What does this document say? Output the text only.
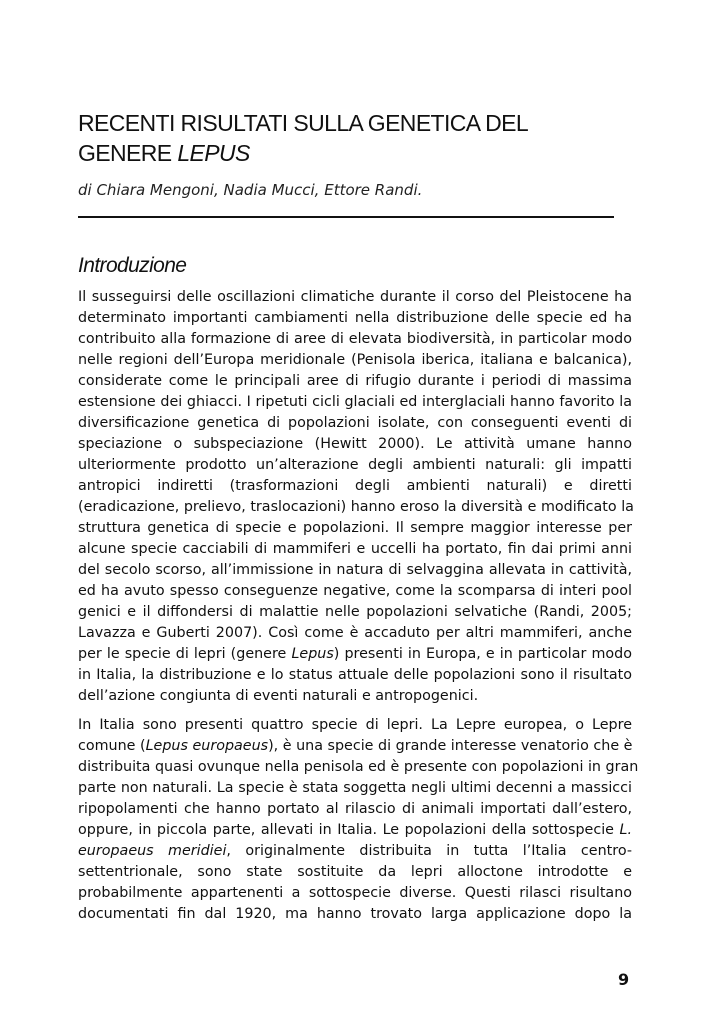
RECENTI RISULTATI SULLA GENETICA DEL
GENERE LEPUS
di Chiara Mengoni, Nadia Mucci, Ettore Randi.
Introduzione
Il susseguirsi delle oscillazioni climatiche durante il corso del Pleistocene ha
determinato importanti cambiamenti nella distribuzione delle specie ed ha
contribuito alla formazione di aree di elevata biodiversità, in particolar modo
nelle regioni dell’Europa meridionale (Penisola iberica, italiana e balcanica),
considerate come le principali aree di rifugio durante i periodi di massima
estensione dei ghiacci. I ripetuti cicli glaciali ed interglaciali hanno favorito la
diversificazione genetica di popolazioni isolate, con conseguenti eventi di
speciazione o subspeciazione (Hewitt 2000). Le attività umane hanno
ulteriormente prodotto un’alterazione degli ambienti naturali: gli impatti
antropici indiretti (trasformazioni degli ambienti naturali) e diretti
(eradicazione, prelievo, traslocazioni) hanno eroso la diversità e modificato la
struttura genetica di specie e popolazioni. Il sempre maggior interesse per
alcune specie cacciabili di mammiferi e uccelli ha portato, fin dai primi anni
del secolo scorso, all’immissione in natura di selvaggina allevata in cattività,
ed ha avuto spesso conseguenze negative, come la scomparsa di interi pool
genici e il diffondersi di malattie nelle popolazioni selvatiche (Randi, 2005;
Lavazza e Guberti 2007). Così come è accaduto per altri mammiferi, anche
per le specie di lepri (genere Lepus) presenti in Europa, e in particolar modo
in Italia, la distribuzione e lo status attuale delle popolazioni sono il risultato
dell’azione congiunta di eventi naturali e antropogenici.
In Italia sono presenti quattro specie di lepri. La Lepre europea, o Lepre
comune (Lepus europaeus), è una specie di grande interesse venatorio che è
distribuita quasi ovunque nella penisola ed è presente con popolazioni in gran
parte non naturali. La specie è stata soggetta negli ultimi decenni a massicci
ripopolamenti che hanno portato al rilascio di animali importati dall’estero,
oppure, in piccola parte, allevati in Italia. Le popolazioni della sottospecie L.
europaeus meridiei, originalmente distribuita in tutta l’Italia centro-
settentrionale, sono state sostituite da lepri alloctone introdotte e
probabilmente appartenenti a sottospecie diverse. Questi rilasci risultano
documentati fin dal 1920, ma hanno trovato larga applicazione dopo la
9
